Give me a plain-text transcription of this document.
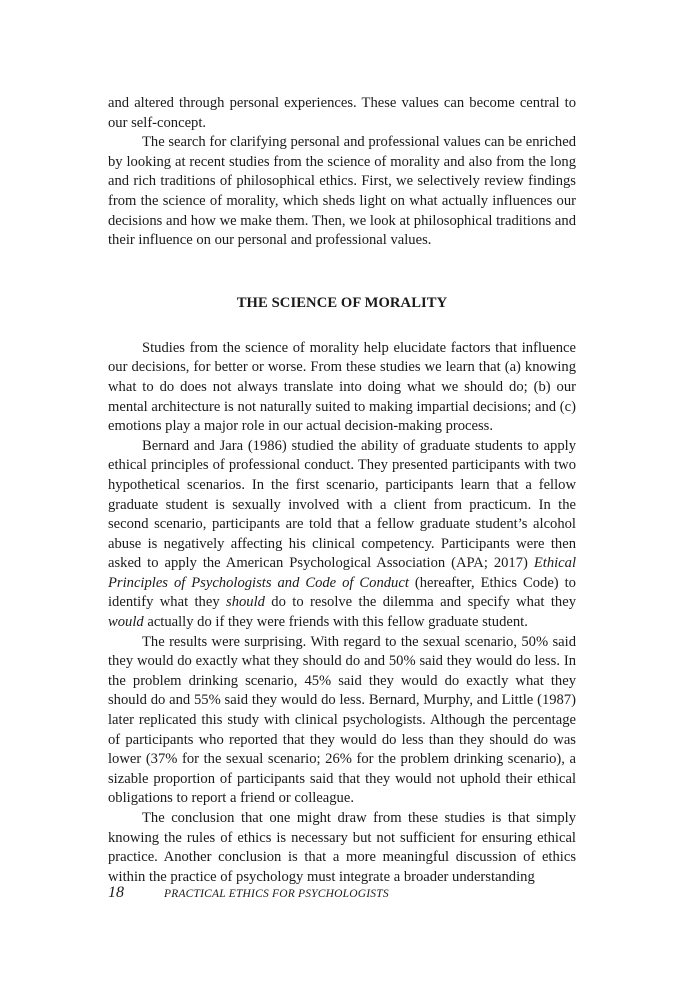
and altered through personal experiences. These values can become central to our self-concept.

The search for clarifying personal and professional values can be enriched by looking at recent studies from the science of morality and also from the long and rich traditions of philosophical ethics. First, we selectively review findings from the science of morality, which sheds light on what actually influences our decisions and how we make them. Then, we look at philosophical traditions and their influence on our personal and professional values.

THE SCIENCE OF MORALITY

Studies from the science of morality help elucidate factors that influence our decisions, for better or worse. From these studies we learn that (a) knowing what to do does not always translate into doing what we should do; (b) our mental architecture is not naturally suited to making impartial decisions; and (c) emotions play a major role in our actual decision-making process.

Bernard and Jara (1986) studied the ability of graduate students to apply ethical principles of professional conduct. They presented participants with two hypothetical scenarios. In the first scenario, participants learn that a fellow graduate student is sexually involved with a client from practicum. In the second scenario, participants are told that a fellow graduate student’s alcohol abuse is negatively affecting his clinical competency. Participants were then asked to apply the American Psychological Association (APA; 2017) Ethical Principles of Psychologists and Code of Conduct (hereafter, Ethics Code) to identify what they should do to resolve the dilemma and specify what they would actually do if they were friends with this fellow graduate student.

The results were surprising. With regard to the sexual scenario, 50% said they would do exactly what they should do and 50% said they would do less. In the problem drinking scenario, 45% said they would do exactly what they should do and 55% said they would do less. Bernard, Murphy, and Little (1987) later replicated this study with clinical psychologists. Although the percentage of participants who reported that they would do less than they should do was lower (37% for the sexual scenario; 26% for the problem drinking scenario), a sizable proportion of participants said that they would not uphold their ethical obligations to report a friend or colleague.

The conclusion that one might draw from these studies is that simply knowing the rules of ethics is necessary but not sufficient for ensuring ethical practice. Another conclusion is that a more meaningful discussion of ethics within the practice of psychology must integrate a broader understanding

18	PRACTICAL ETHICS FOR PSYCHOLOGISTS
